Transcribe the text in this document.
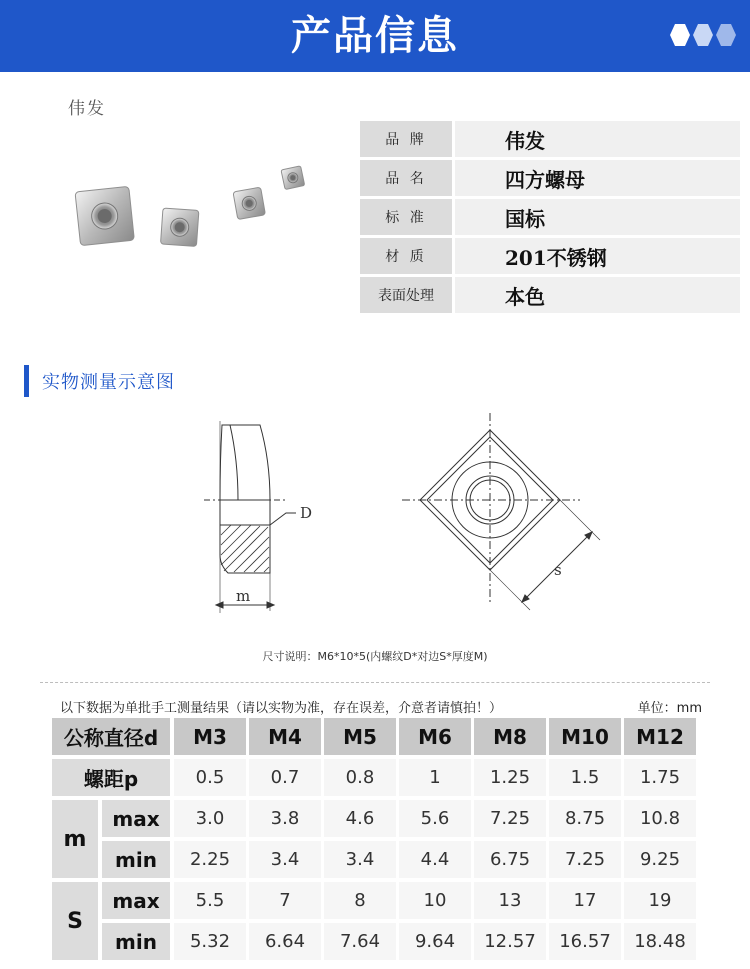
产品信息
伟发
品 牌	伟发
品 名	四方螺母
标 准	国标
材 质	201不锈钢
表面处理	本色
实物测量示意图
D
m
s
尺寸说明：M6*10*5(内螺纹D*对边S*厚度M)
以下数据为单批手工测量结果（请以实物为准，存在误差，介意者请慎拍！）	单位：mm
公称直径d	M3	M4	M5	M6	M8	M10	M12
螺距p	0.5	0.7	0.8	1	1.25	1.5	1.75
m
max	3.0	3.8	4.6	5.6	7.25	8.75	10.8
min	2.25	3.4	3.4	4.4	6.75	7.25	9.25
S
max	5.5	7	8	10	13	17	19
min	5.32	6.64	7.64	9.64	12.57	16.57	18.48
